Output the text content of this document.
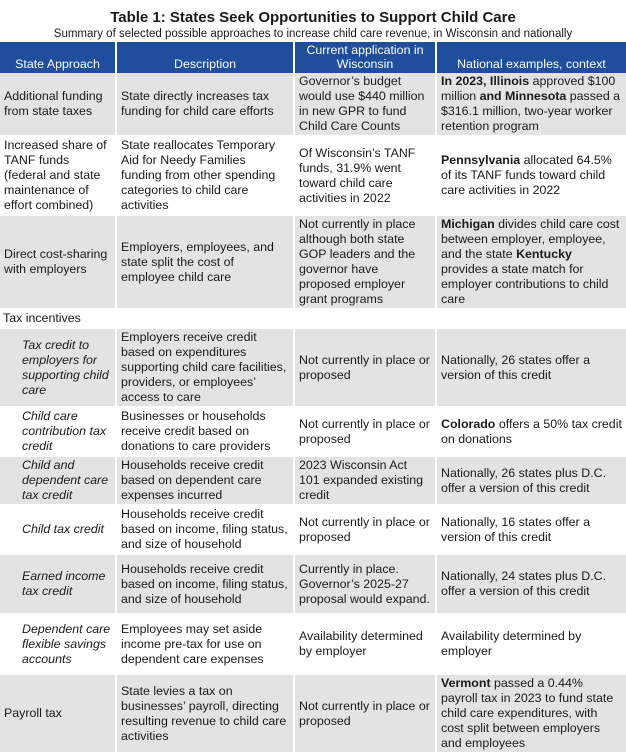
Table 1: States Seek Opportunities to Support Child Care
Summary of selected possible approaches to increase child care revenue, in Wisconsin and nationally
State Approach	Description	Current application in Wisconsin	National examples, context
Additional funding from state taxes	State directly increases tax funding for child care efforts	Governor’s budget would use $440 million in new GPR to fund Child Care Counts	In 2023, Illinois approved $100 million and Minnesota passed a $316.1 million, two-year worker retention program
Increased share of TANF funds (federal and state maintenance of effort combined)	State reallocates Temporary Aid for Needy Families funding from other spending categories to child care activities	Of Wisconsin’s TANF funds, 31.9% went toward child care activities in 2022	Pennsylvania allocated 64.5% of its TANF funds toward child care activities in 2022
Direct cost-sharing with employers	Employers, employees, and state split the cost of employee child care	Not currently in place although both state GOP leaders and the governor have proposed employer grant programs	Michigan divides child care cost between employer, employee, and the state Kentucky provides a state match for employer contributions to child care
Tax incentives			
Tax credit to employers for supporting child care	Employers receive credit based on expenditures supporting child care facilities, providers, or employees’ access to care	Not currently in place or proposed	Nationally, 26 states offer a version of this credit
Child care contribution tax credit	Businesses or households receive credit based on donations to care providers	Not currently in place or proposed	Colorado offers a 50% tax credit on donations
Child and dependent care tax credit	Households receive credit based on dependent care expenses incurred	2023 Wisconsin Act 101 expanded existing credit	Nationally, 26 states plus D.C. offer a version of this credit
Child tax credit	Households receive credit based on income, filing status, and size of household	Not currently in place or proposed	Nationally, 16 states offer a version of this credit
Earned income tax credit	Households receive credit based on income, filing status, and size of household	Currently in place. Governor’s 2025-27 proposal would expand.	Nationally, 24 states plus D.C. offer a version of this credit
Dependent care flexible savings accounts	Employees may set aside income pre-tax for use on dependent care expenses	Availability determined by employer	Availability determined by employer
Payroll tax	State levies a tax on businesses’ payroll, directing resulting revenue to child care activities	Not currently in place or proposed	Vermont passed a 0.44% payroll tax in 2023 to fund state child care expenditures, with cost split between employers and employees
